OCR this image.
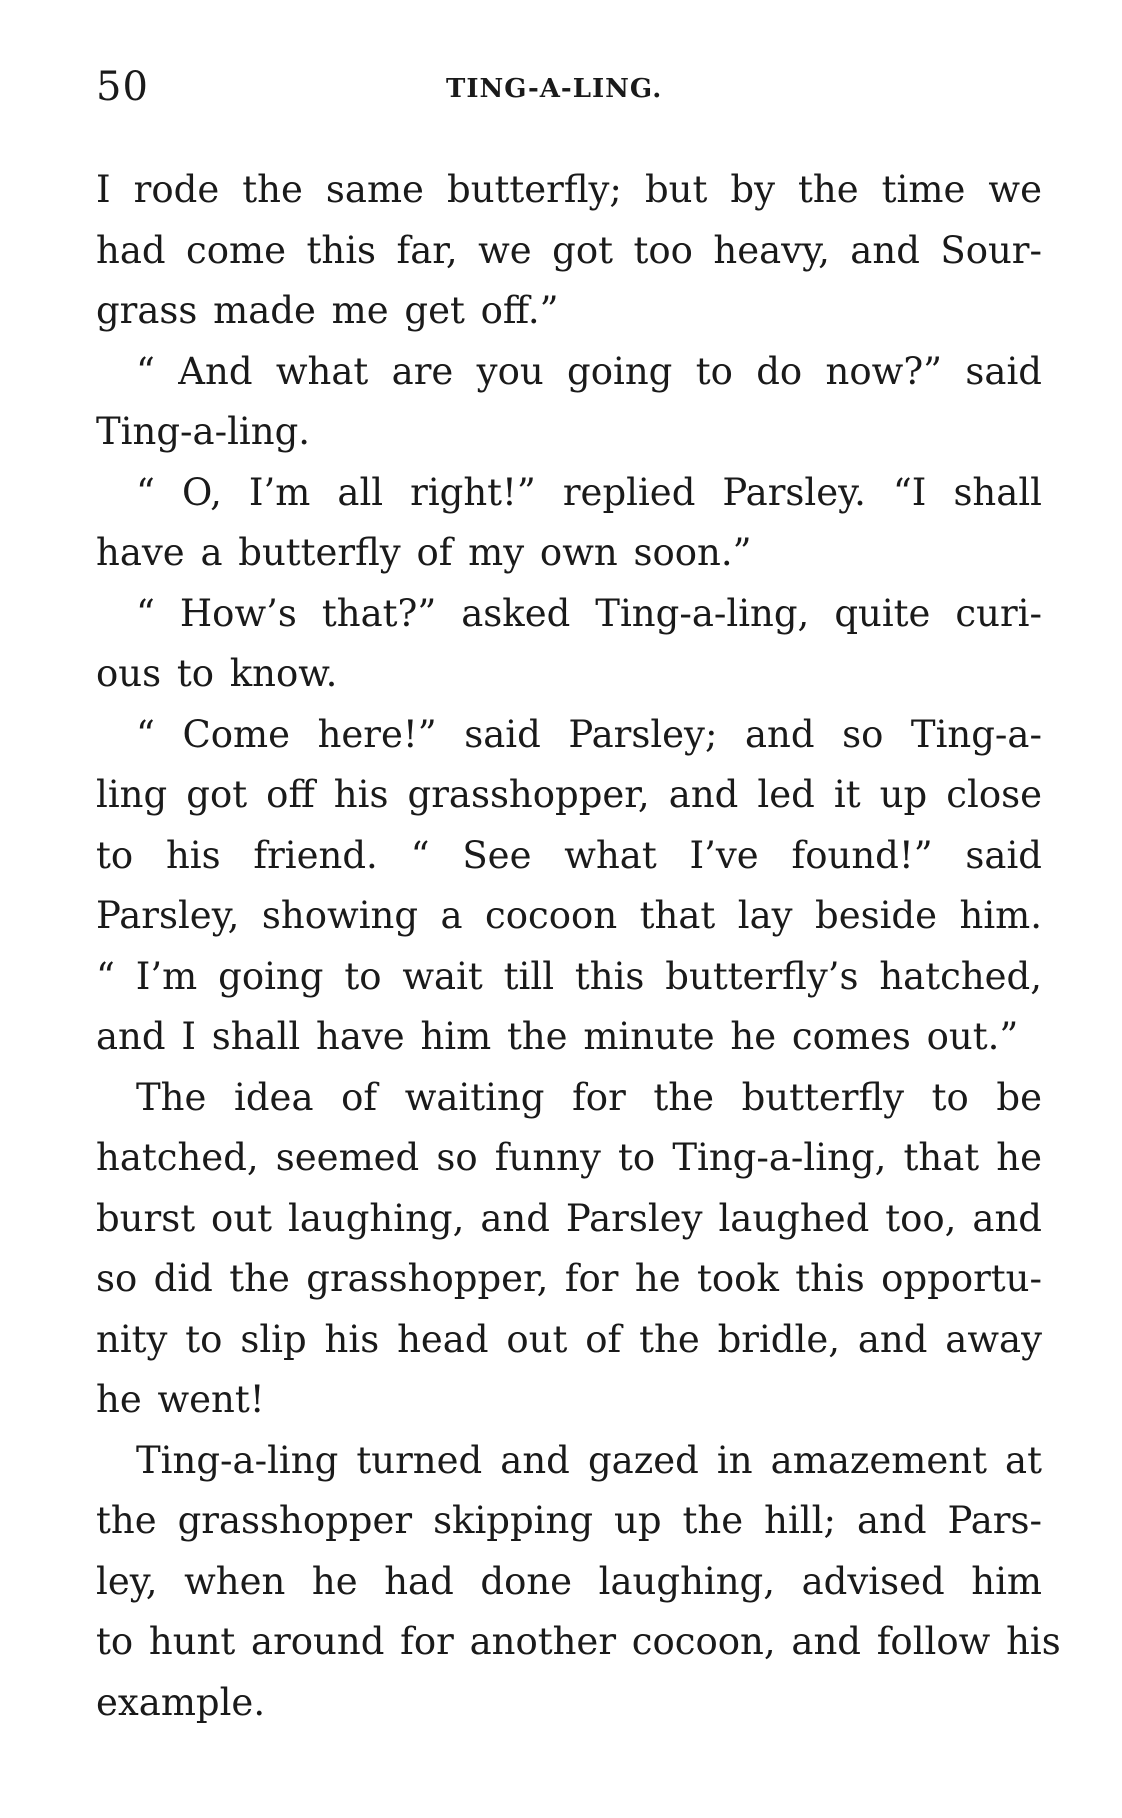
50	TING-A-LING.
I rode the same butterfly; but by the time we
had come this far, we got too heavy, and Sour-
grass made me get off.”
“ And what are you going to do now?” said
Ting-a-ling.
“ O, I’m all right!” replied Parsley. “I shall
have a butterfly of my own soon.”
“ How’s that?” asked Ting-a-ling, quite curi-
ous to know.
“ Come here!” said Parsley; and so Ting-a-
ling got off his grasshopper, and led it up close
to his friend. “ See what I’ve found!” said
Parsley, showing a cocoon that lay beside him.
“ I’m going to wait till this butterfly’s hatched,
and I shall have him the minute he comes out.”
The idea of waiting for the butterfly to be
hatched, seemed so funny to Ting-a-ling, that he
burst out laughing, and Parsley laughed too, and
so did the grasshopper, for he took this opportu-
nity to slip his head out of the bridle, and away
he went!
Ting-a-ling turned and gazed in amazement at
the grasshopper skipping up the hill; and Pars-
ley, when he had done laughing, advised him
to hunt around for another cocoon, and follow his
example.
